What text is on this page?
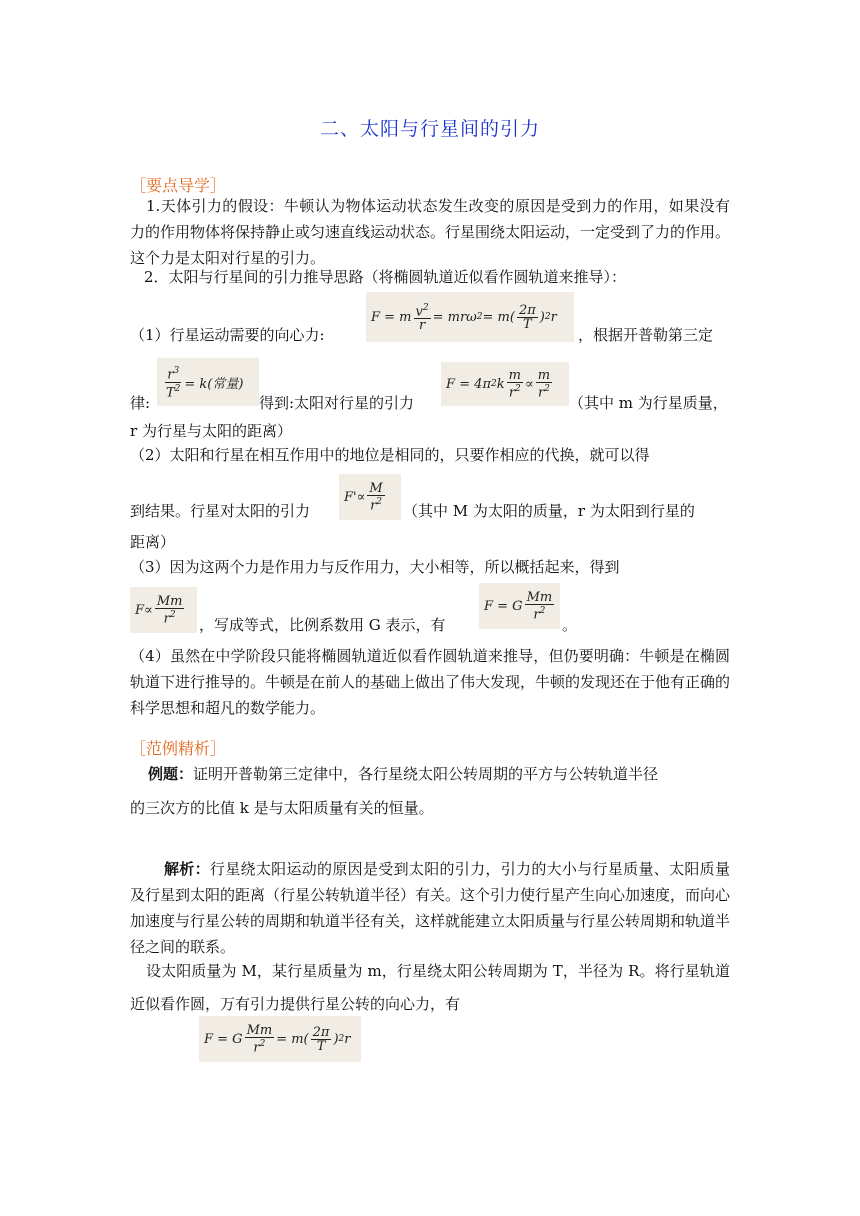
二、太阳与行星间的引力
［要点导学］
1.天体引力的假设：牛顿认为物体运动状态发生改变的原因是受到力的作用，如果没有力的作用物体将保持静止或匀速直线运动状态。行星围绕太阳运动，一定受到了力的作用。这个力是太阳对行星的引力。
2．太阳与行星间的引力推导思路（将椭圆轨道近似看作圆轨道来推导）：
（1）行星运动需要的向心力:
F = m $\frac{v^2}{r} = mr\omega$ $2 = m( \frac{2\pi}{T}$ ) 2 r
，根据开普勒第三定
律:
$\frac{r^3}{T^2} = k$(常量)
得到:太阳对行星的引力
F = 4π 2 k $\frac{m}{r^2} \propto \frac{m}{r^2}$
（其中 m 为行星质量，
r 为行星与太阳的距离）
（2）太阳和行星在相互作用中的地位是相同的，只要作相应的代换，就可以得
到结果。行星对太阳的引力
$F'\propto \frac{M}{r^2}$ （其中 M 为太阳的质量，r 为太阳到行星的
距离）
（3）因为这两个力是作用力与反作用力，大小相等，所以概括起来，得到
$F\propto \frac{Mm}{r^2}$ ，写成等式，比例系数用 G 表示，有
F = G $\frac{Mm}{r^2}$
。
（4）虽然在中学阶段只能将椭圆轨道近似看作圆轨道来推导，但仍要明确：牛顿是在椭圆轨道下进行推导的。牛顿是在前人的基础上做出了伟大发现，牛顿的发现还在于他有正确的科学思想和超凡的数学能力。
［范例精析］
例题：证明开普勒第三定律中，各行星绕太阳公转周期的平方与公转轨道半径
的三次方的比值 k 是与太阳质量有关的恒量。
解析：行星绕太阳运动的原因是受到太阳的引力，引力的大小与行星质量、太阳质量及行星到太阳的距离（行星公转轨道半径）有关。这个引力使行星产生向心加速度，而向心加速度与行星公转的周期和轨道半径有关，这样就能建立太阳质量与行星公转周期和轨道半径之间的联系。
设太阳质量为 M，某行星质量为 m，行星绕太阳公转周期为 T，半径为 R。将行星轨道近似看作圆，万有引力提供行星公转的向心力，有
F = G $\frac{Mm}{r^2} = m( \frac{2\pi}{T}$ ) 2 r
